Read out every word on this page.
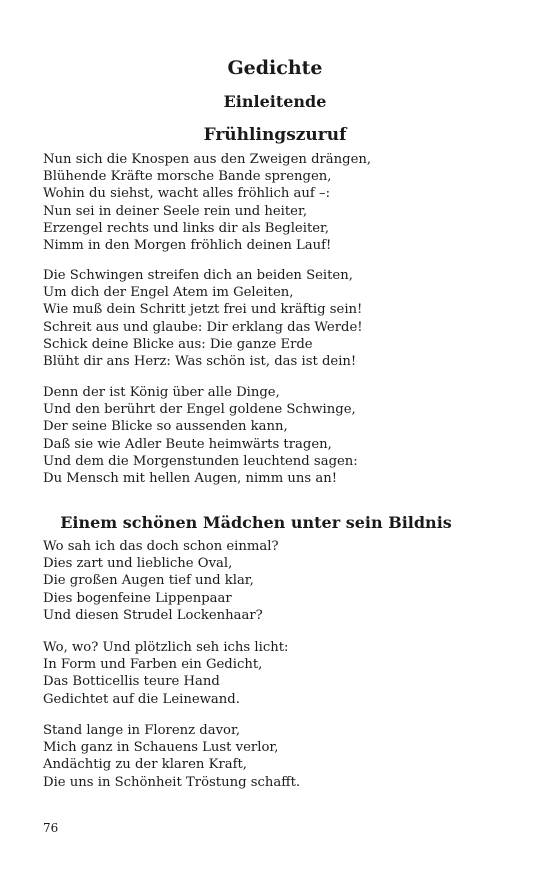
Gedichte
Einleitende
Frühlingszuruf
Nun sich die Knospen aus den Zweigen drängen,
Blühende Kräfte morsche Bande sprengen,
Wohin du siehst, wacht alles fröhlich auf –:
Nun sei in deiner Seele rein und heiter,
Erzengel rechts und links dir als Begleiter,
Nimm in den Morgen fröhlich deinen Lauf!
Die Schwingen streifen dich an beiden Seiten,
Um dich der Engel Atem im Geleiten,
Wie muß dein Schritt jetzt frei und kräftig sein!
Schreit aus und glaube: Dir erklang das Werde!
Schick deine Blicke aus: Die ganze Erde
Blüht dir ans Herz: Was schön ist, das ist dein!
Denn der ist König über alle Dinge,
Und den berührt der Engel goldene Schwinge,
Der seine Blicke so aussenden kann,
Daß sie wie Adler Beute heimwärts tragen,
Und dem die Morgenstunden leuchtend sagen:
Du Mensch mit hellen Augen, nimm uns an!
Einem schönen Mädchen unter sein Bildnis
Wo sah ich das doch schon einmal?
Dies zart und liebliche Oval,
Die großen Augen tief und klar,
Dies bogenfeine Lippenpaar
Und diesen Strudel Lockenhaar?
Wo, wo? Und plötzlich seh ichs licht:
In Form und Farben ein Gedicht,
Das Botticellis teure Hand
Gedichtet auf die Leinewand.
Stand lange in Florenz davor,
Mich ganz in Schauens Lust verlor,
Andächtig zu der klaren Kraft,
Die uns in Schönheit Tröstung schafft.
76
